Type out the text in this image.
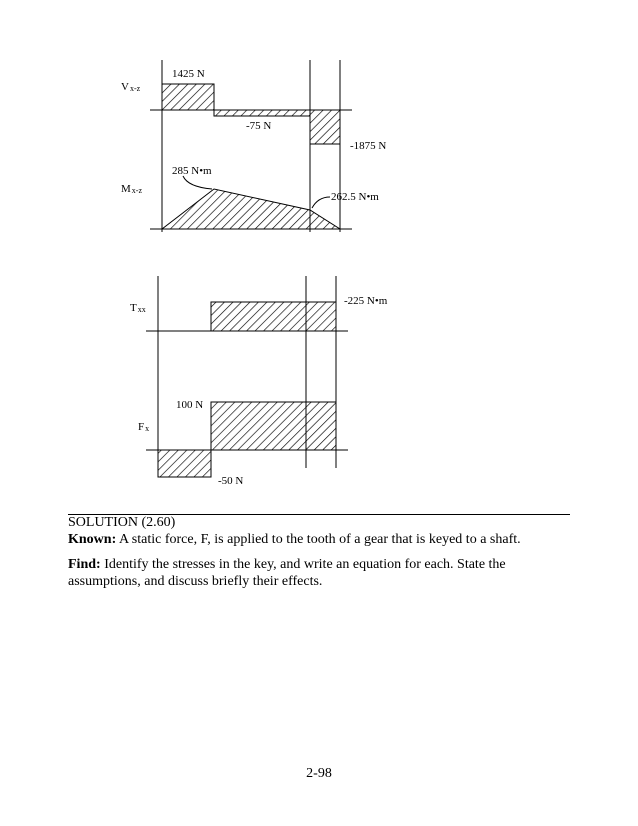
Vx-z
1425 N
-75 N
-1875 N
Mx-z
285 N•m
262.5 N•m
Txx
-225 N•m
Fx
100 N
-50 N
SOLUTION (2.60)
Known: A static force, F, is applied to the tooth of a gear that is keyed to a shaft.
Find: Identify the stresses in the key, and write an equation for each. State the assumptions, and discuss briefly their effects.
2-98
